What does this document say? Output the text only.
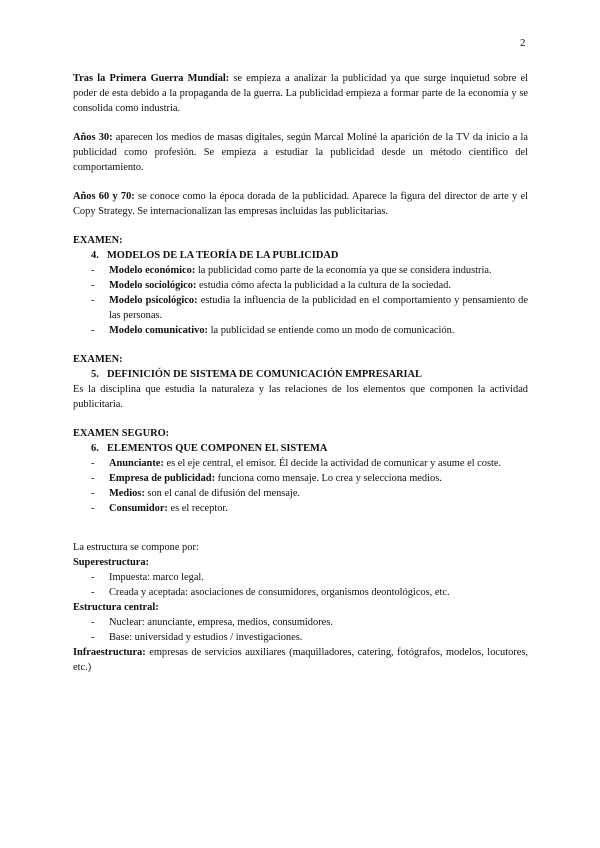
2

Tras la Primera Guerra Mundial: se empieza a analizar la publicidad ya que surge inquietud sobre el poder de esta debido a la propaganda de la guerra. La publicidad empieza a formar parte de la economía y se consolida como industria.

Años 30: aparecen los medios de masas digitales, según Marcal Moliné la aparición de la TV da inicio a la publicidad como profesión. Se empieza a estudiar la publicidad desde un método científico del comportamiento.

Años 60 y 70: se conoce como la época dorada de la publicidad. Aparece la figura del director de arte y el Copy Strategy. Se internacionalizan las empresas incluidas las publicitarias.

EXAMEN:

4. MODELOS DE LA TEORÍA DE LA PUBLICIDAD

- Modelo económico: la publicidad como parte de la economía ya que se considera industria.
- Modelo sociológico: estudia cómo afecta la publicidad a la cultura de la sociedad.
- Modelo psicológico: estudia la influencia de la publicidad en el comportamiento y pensamiento de las personas.
- Modelo comunicativo: la publicidad se entiende como un modo de comunicación.

EXAMEN:

5. DEFINICIÓN DE SISTEMA DE COMUNICACIÓN EMPRESARIAL

Es la disciplina que estudia la naturaleza y las relaciones de los elementos que componen la actividad publicitaria.

EXAMEN SEGURO:

6. ELEMENTOS QUE COMPONEN EL SISTEMA

- Anunciante: es el eje central, el emisor. Él decide la actividad de comunicar y asume el coste.
- Empresa de publicidad: funciona como mensaje. Lo crea y selecciona medios.
- Medios: son el canal de difusión del mensaje.
- Consumidor: es el receptor.

La estructura se compone por:

Superestructura:

- Impuesta: marco legal.
- Creada y aceptada: asociaciones de consumidores, organismos deontológicos, etc.

Estructura central:

- Nuclear: anunciante, empresa, medios, consumidores.
- Base: universidad y estudios / investigaciones.

Infraestructura: empresas de servicios auxiliares (maquilladores, catering, fotógrafos, modelos, locutores, etc.)
